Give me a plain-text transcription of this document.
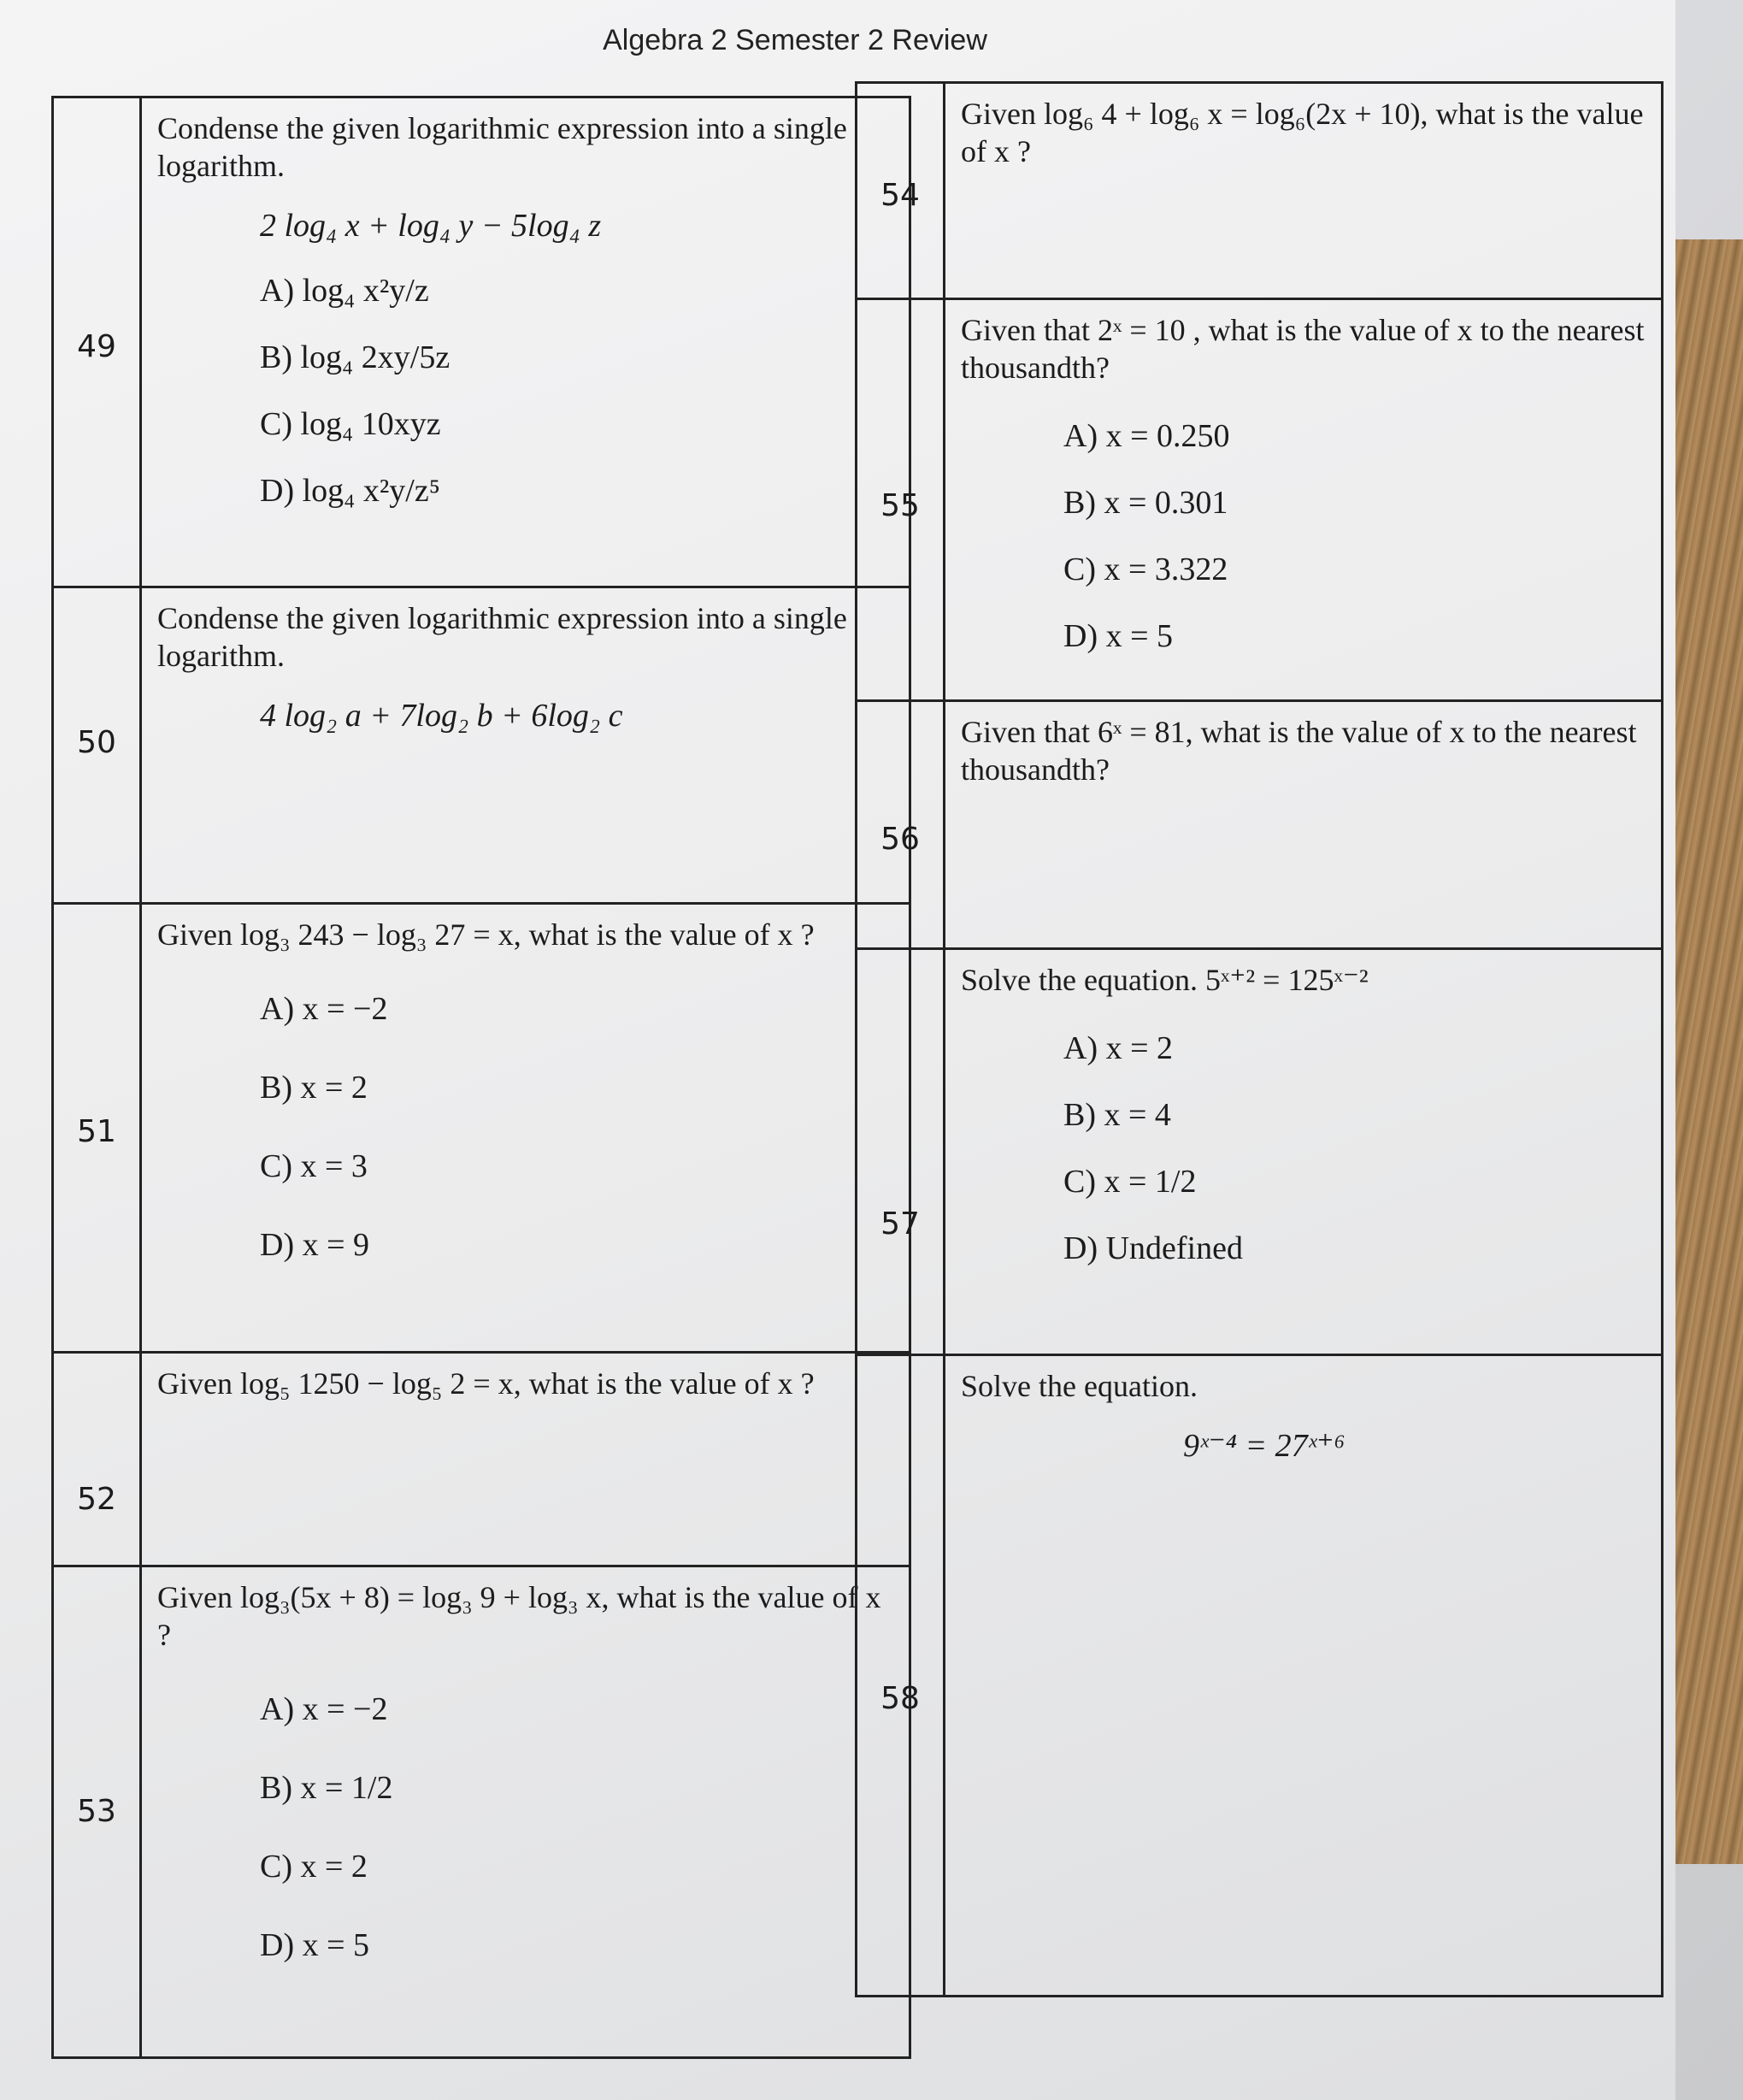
Algebra 2 Semester 2 Review
49
Condense the given logarithmic expression into a single logarithm.
2 log₄ x + log₄ y − 5log₄ z
A) log₄ x²y/z
B) log₄ 2xy/5z
C) log₄ 10xyz
D) log₄ x²y/z⁵
50
Condense the given logarithmic expression into a single logarithm.
4 log₂ a + 7log₂ b + 6log₂ c
51
Given log₃ 243 − log₃ 27 = x, what is the value of x ?
A) x = −2
B) x = 2
C) x = 3
D) x = 9
52
Given log₅ 1250 − log₅ 2 = x, what is the value of x ?
53
Given log₃(5x + 8) = log₃ 9 + log₃ x, what is the value of x ?
A) x = −2
B) x = 1/2
C) x = 2
D) x = 5
54
Given log₆ 4 + log₆ x = log₆(2x + 10), what is the value of x ?
55
Given that 2ˣ = 10 , what is the value of x to the nearest thousandth?
A) x = 0.250
B) x = 0.301
C) x = 3.322
D) x = 5
56
Given that 6ˣ = 81, what is the value of x to the nearest thousandth?
57
Solve the equation. 5ˣ⁺² = 125ˣ⁻²
A) x = 2
B) x = 4
C) x = 1/2
D) Undefined
58
Solve the equation.
9ˣ⁻⁴ = 27ˣ⁺⁶
